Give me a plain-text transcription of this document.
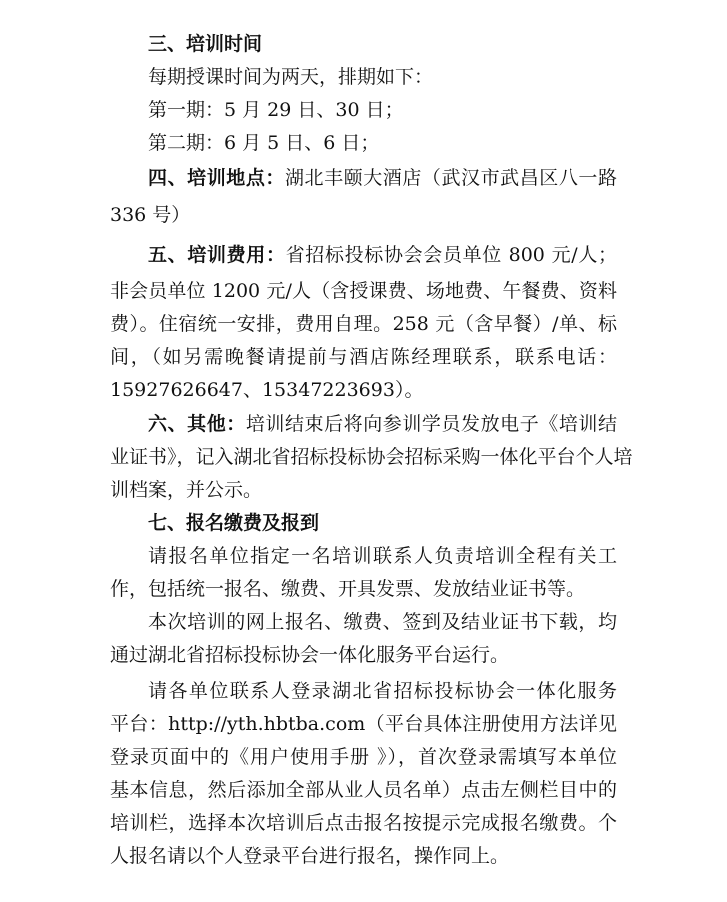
三、培训时间
每期授课时间为两天，排期如下：
第一期：5 月 29 日、30 日；
第二期：6 月 5 日、6 日；
四、培训地点：湖北丰颐大酒店（武汉市武昌区八一路
336 号）
五、培训费用：省招标投标协会会员单位 800 元/人；
非会员单位 1200 元/人（含授课费、场地费、午餐费、资料
费）。住宿统一安排，费用自理。258 元（含早餐）/单、标
间，（如另需晚餐请提前与酒店陈经理联系，联系电话：
15927626647、15347223693）。
六、其他：培训结束后将向参训学员发放电子《培训结
业证书》，记入湖北省招标投标协会招标采购一体化平台个人培
训档案，并公示。
七、报名缴费及报到
请报名单位指定一名培训联系人负责培训全程有关工
作，包括统一报名、缴费、开具发票、发放结业证书等。
本次培训的网上报名、缴费、签到及结业证书下载，均
通过湖北省招标投标协会一体化服务平台运行。
请各单位联系人登录湖北省招标投标协会一体化服务
平台：http://yth.hbtba.com（平台具体注册使用方法详见
登录页面中的《用户使用手册 》），首次登录需填写本单位
基本信息，然后添加全部从业人员名单）点击左侧栏目中的
培训栏，选择本次培训后点击报名按提示完成报名缴费。个
人报名请以个人登录平台进行报名，操作同上。
